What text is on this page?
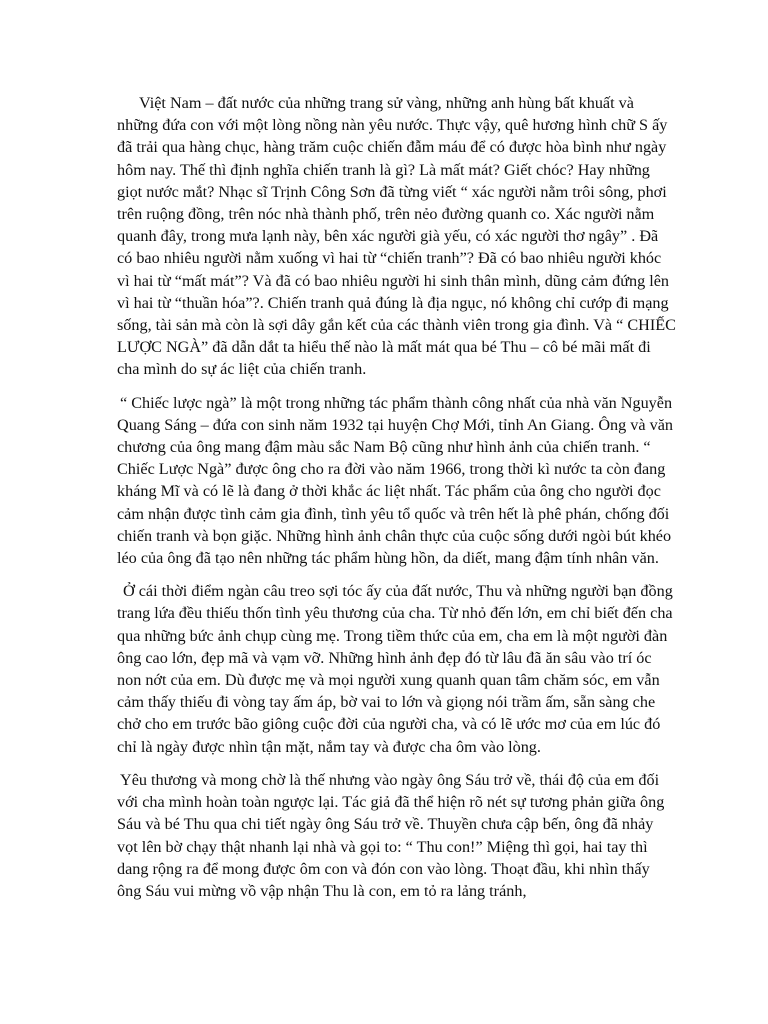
Việt Nam – đất nước của những trang sử vàng, những anh hùng bất khuất và những đứa con với một lòng nồng nàn yêu nước. Thực vậy, quê hương hình chữ S ấy đã trải qua hàng chục, hàng trăm cuộc chiến đẫm máu để có được hòa bình như ngày hôm nay. Thế thì định nghĩa chiến tranh là gì? Là mất mát? Giết chóc? Hay những giọt nước mắt? Nhạc sĩ Trịnh Công Sơn đã từng viết “ xác người nằm trôi sông, phơi trên ruộng đồng, trên nóc nhà thành phố, trên nẻo đường quanh co. Xác người nằm quanh đây, trong mưa lạnh này, bên xác người già yếu, có xác người thơ ngây” . Đã có bao nhiêu người nằm xuống vì hai từ “chiến tranh”? Đã có bao nhiêu người khóc vì hai từ “mất mát”? Và đã có bao nhiêu người hi sinh thân mình, dũng cảm đứng lên vì hai từ “thuần hóa”?. Chiến tranh quả đúng là địa ngục, nó không chỉ cướp đi mạng sống, tài sản mà còn là sợi dây gắn kết của các thành viên trong gia đình. Và “ CHIẾC LƯỢC NGÀ” đã dẫn dắt ta hiểu thế nào là mất mát qua bé Thu – cô bé mãi mất đi cha mình do sự ác liệt của chiến tranh.

“ Chiếc lược ngà” là một trong những tác phẩm thành công nhất của nhà văn Nguyễn Quang Sáng – đứa con sinh năm 1932 tại huyện Chợ Mới, tỉnh An Giang. Ông và văn chương của ông mang đậm màu sắc Nam Bộ cũng như hình ảnh của chiến tranh. “ Chiếc Lược Ngà” được ông cho ra đời vào năm 1966, trong thời kì nước ta còn đang kháng Mĩ và có lẽ là đang ở thời khắc ác liệt nhất. Tác phẩm của ông cho người đọc cảm nhận được tình cảm gia đình, tình yêu tổ quốc và trên hết là phê phán, chống đối chiến tranh và bọn giặc. Những hình ảnh chân thực của cuộc sống dưới ngòi bút khéo léo của ông đã tạo nên những tác phẩm hùng hồn, da diết, mang đậm tính nhân văn.

Ở cái thời điểm ngàn câu treo sợi tóc ấy của đất nước, Thu và những người bạn đồng trang lứa đều thiếu thốn tình yêu thương của cha. Từ nhỏ đến lớn, em chỉ biết đến cha qua những bức ảnh chụp cùng mẹ. Trong tiềm thức của em, cha em là một người đàn ông cao lớn, đẹp mã và vạm vỡ. Những hình ảnh đẹp đó từ lâu đã ăn sâu vào trí óc non nớt của em. Dù được mẹ và mọi người xung quanh quan tâm chăm sóc, em vẫn cảm thấy thiếu đi vòng tay ấm áp, bờ vai to lớn và giọng nói trầm ấm, sẵn sàng che chở cho em trước bão giông cuộc đời của người cha, và có lẽ ước mơ của em lúc đó chỉ là ngày được nhìn tận mặt, nắm tay và được cha ôm vào lòng.

Yêu thương và mong chờ là thế nhưng vào ngày ông Sáu trở về, thái độ của em đối với cha mình hoàn toàn ngược lại. Tác giả đã thể hiện rõ nét sự tương phản giữa ông Sáu và bé Thu qua chi tiết ngày ông Sáu trở về. Thuyền chưa cập bến, ông đã nhảy vọt lên bờ chạy thật nhanh lại nhà và gọi to: “ Thu con!” Miệng thì gọi, hai tay thì dang rộng ra để mong được ôm con và đón con vào lòng. Thoạt đầu, khi nhìn thấy ông Sáu vui mừng vồ vập nhận Thu là con, em tỏ ra lảng tránh,
